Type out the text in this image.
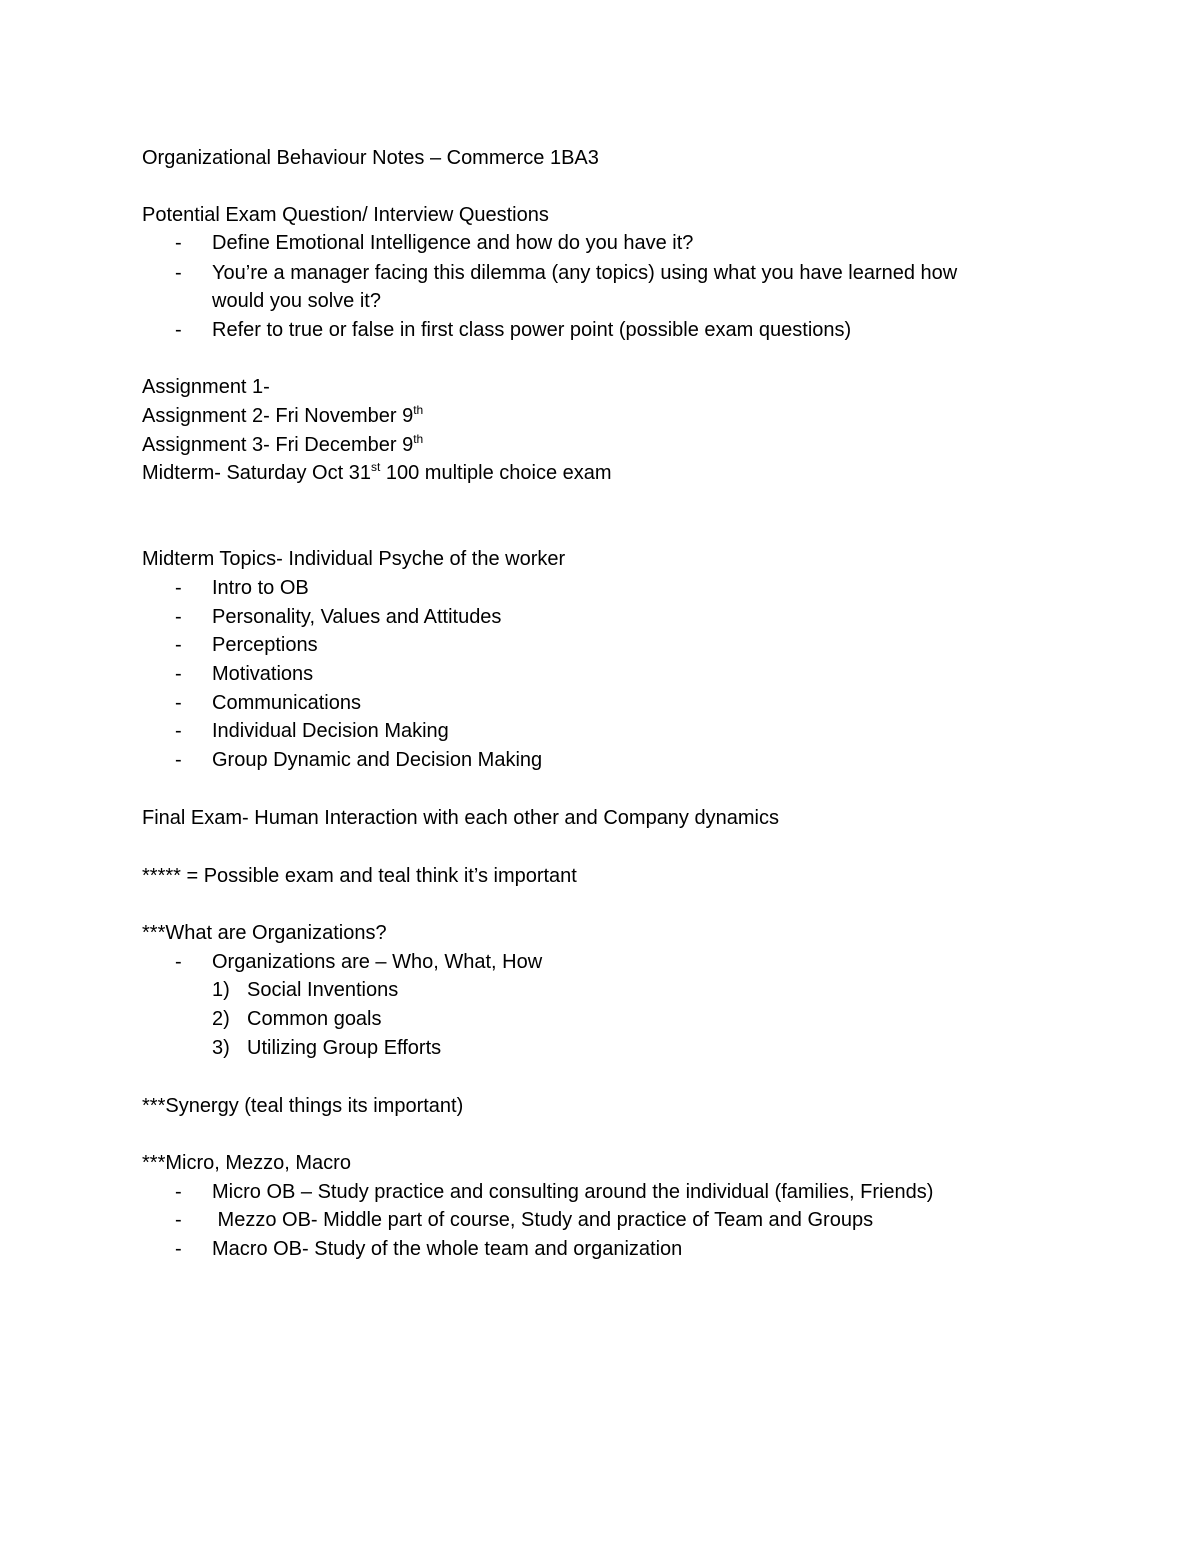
Organizational Behaviour Notes – Commerce 1BA3
Potential Exam Question/ Interview Questions
- Define Emotional Intelligence and how do you have it?
- You’re a manager facing this dilemma (any topics) using what you have learned how
would you solve it?
- Refer to true or false in first class power point (possible exam questions)
Assignment 1-
Assignment 2- Fri November 9th
Assignment 3- Fri December 9th
Midterm- Saturday Oct 31st 100 multiple choice exam
Midterm Topics- Individual Psyche of the worker
- Intro to OB
- Personality, Values and Attitudes
- Perceptions
- Motivations
- Communications
- Individual Decision Making
- Group Dynamic and Decision Making
Final Exam- Human Interaction with each other and Company dynamics
***** = Possible exam and teal think it’s important
***What are Organizations?
- Organizations are – Who, What, How
1) Social Inventions
2) Common goals
3) Utilizing Group Efforts
***Synergy (teal things its important)
***Micro, Mezzo, Macro
- Micro OB – Study practice and consulting around the individual (families, Friends)
- Mezzo OB- Middle part of course, Study and practice of Team and Groups
- Macro OB- Study of the whole team and organization
